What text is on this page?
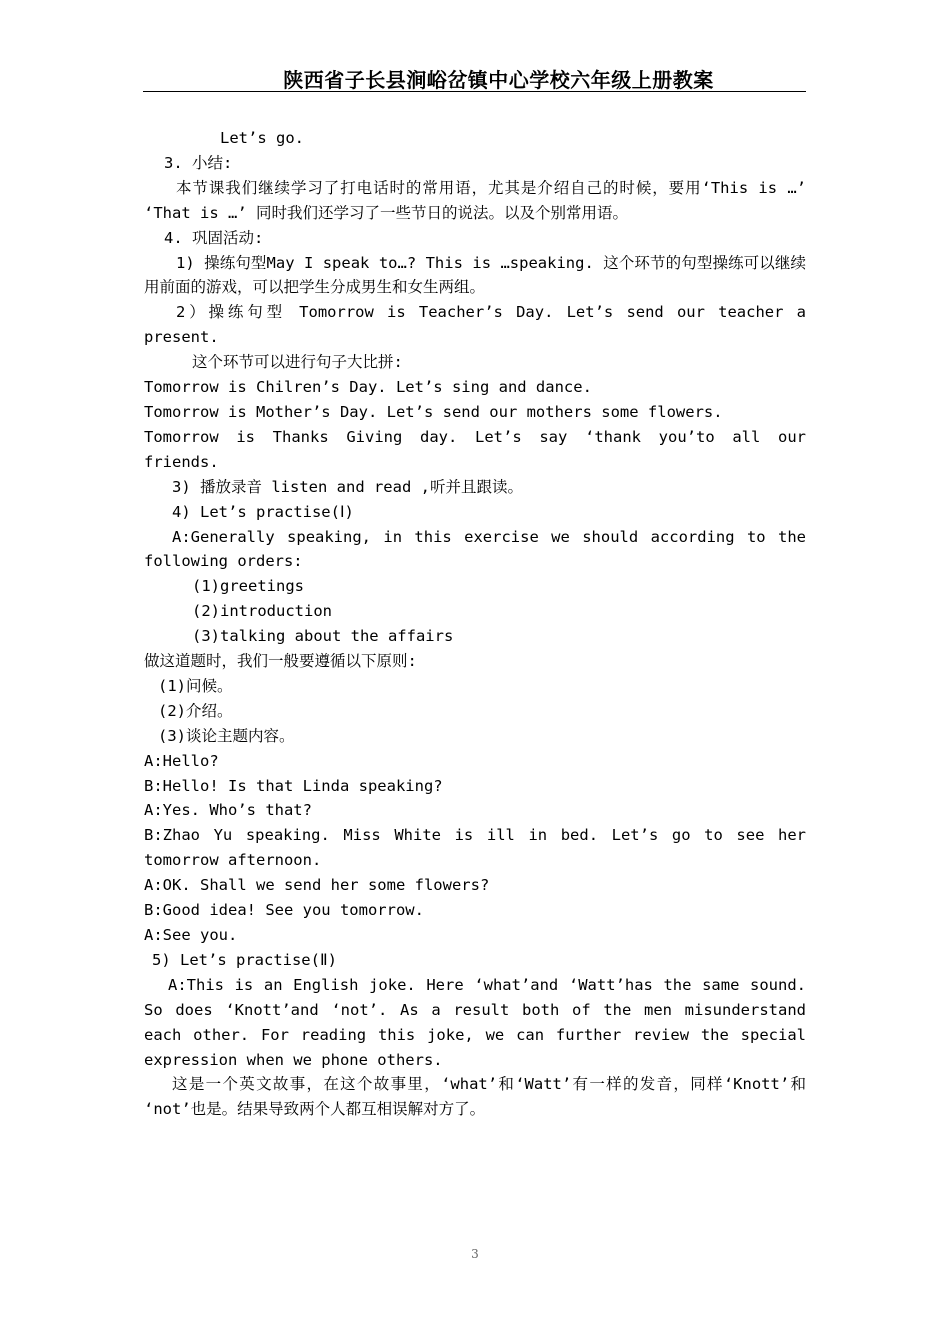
陕西省子长县涧峪岔镇中心学校六年级上册教案

Let’s go.

3. 小结:

本节课我们继续学习了打电话时的常用语，尤其是介绍自己的时候，要用‘This is …’ ‘That is …’ 同时我们还学习了一些节日的说法。以及个别常用语。

4. 巩固活动:

1) 操练句型May I speak to…? This is …speaking. 这个环节的句型操练可以继续用前面的游戏，可以把学生分成男生和女生两组。

2）操练句型 Tomorrow is Teacher’s Day. Let’s send our teacher a present.

这个环节可以进行句子大比拼:

Tomorrow is Chilren’s Day. Let’s sing and dance.

Tomorrow is Mother’s Day. Let’s send our mothers some flowers.

Tomorrow is Thanks Giving day. Let’s say ‘thank you’to all our friends.

3) 播放录音 listen and read ,听并且跟读。

4) Let’s practise(Ⅰ)

A:Generally speaking, in this exercise we should according to the following orders:

(1)greetings

(2)introduction

(3)talking about the affairs

做这道题时，我们一般要遵循以下原则:

(1)问候。

(2)介绍。

(3)谈论主题内容。

A:Hello?

B:Hello! Is that Linda speaking?

A:Yes. Who’s that?

B:Zhao Yu speaking. Miss White is ill in bed. Let’s go to see her tomorrow afternoon.

A:OK. Shall we send her some flowers?

B:Good idea! See you tomorrow.

A:See you.

5) Let’s practise(Ⅱ)

A:This is an English joke. Here ‘what’and ‘Watt’has the same sound. So does ‘Knott’and ‘not’. As a result both of the men misunderstand each other. For reading this joke, we can further review the special expression when we phone others.

这是一个英文故事，在这个故事里，‘what’和‘Watt’有一样的发音，同样‘Knott’和 ‘not’也是。结果导致两个人都互相误解对方了。

3
